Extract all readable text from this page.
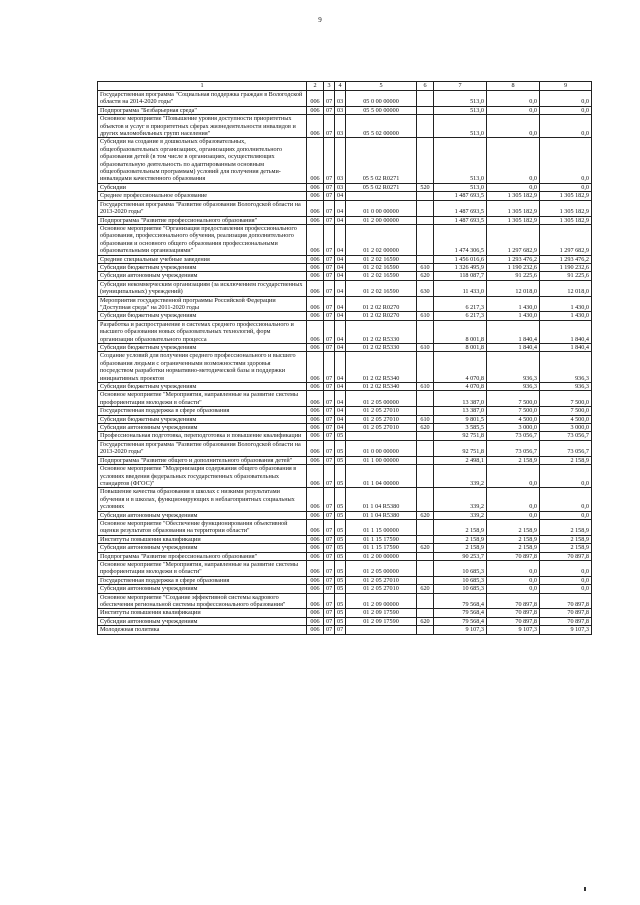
9
1	2	3	4	5	6	7	8	9
Государственная программа "Социальная поддержка граждан в Вологодской области на 2014-2020 годы"	006	07	03	05 0 00 00000		513,0	0,0	0,0
Подпрограмма "Безбарьерная среда"	006	07	03	05 5 00 00000		513,0	0,0	0,0
Основное мероприятие "Повышение уровня доступности приоритетных объектов и услуг в приоритетных сферах жизнедеятельности инвалидов и других маломобильных групп населения"	006	07	03	05 5 02 00000		513,0	0,0	0,0
Субсидии на создание в дошкольных образовательных, общеобразовательных организациях, организациях дополнительного образования детей (в том числе в организациях, осуществляющих образовательную деятельность по адаптированным основным общеобразовательным программам) условий для получения детьми-инвалидами качественного образования	006	07	03	05 5 02 R0271		513,0	0,0	0,0
Субсидии	006	07	03	05 5 02 R0271	520	513,0	0,0	0,0
Среднее профессиональное образование	006	07	04			1 487 693,5	1 305 182,9	1 305 182,9
Государственная программа "Развитие образования Вологодской области на 2013-2020 годы"	006	07	04	01 0 00 00000		1 487 693,5	1 305 182,9	1 305 182,9
Подпрограмма "Развитие профессионального образования"	006	07	04	01 2 00 00000		1 487 693,5	1 305 182,9	1 305 182,9
Основное мероприятие "Организация предоставления профессионального образования, профессионального обучения, реализация дополнительного образования и основного общего образования профессиональными образовательными организациями"	006	07	04	01 2 02 00000		1 474 306,5	1 297 682,9	1 297 682,9
Средние специальные учебные заведения	006	07	04	01 2 02 16590		1 456 016,6	1 293 476,2	1 293 476,2
Субсидии бюджетным учреждениям	006	07	04	01 2 02 16590	610	1 326 495,9	1 190 232,6	1 190 232,6
Субсидии автономным учреждениям	006	07	04	01 2 02 16590	620	118 087,7	91 225,6	91 225,6
Субсидии некоммерческим организациям (за исключением государственных (муниципальных) учреждений)	006	07	04	01 2 02 16590	630	11 433,0	12 018,0	12 018,0
Мероприятия государственной программы Российской Федерации "Доступная среда" на 2011-2020 годы	006	07	04	01 2 02 R0270		6 217,3	1 430,0	1 430,0
Субсидии бюджетным учреждениям	006	07	04	01 2 02 R0270	610	6 217,3	1 430,0	1 430,0
Разработка и распространение в системах среднего профессионального и высшего образования новых образовательных технологий, форм организации образовательного процесса	006	07	04	01 2 02 R5330		8 001,8	1 840,4	1 840,4
Субсидии бюджетным учреждениям	006	07	04	01 2 02 R5330	610	8 001,8	1 840,4	1 840,4
Создание условий для получения среднего профессионального и высшего образования людьми с ограниченными возможностями здоровья посредством разработки нормативно-методической базы и поддержки инициативных проектов	006	07	04	01 2 02 R5340		4 070,8	936,3	936,3
Субсидии бюджетным учреждениям	006	07	04	01 2 02 R5340	610	4 070,8	936,3	936,3
Основное мероприятие "Мероприятия, направленные на развитие системы профориентации молодежи в области"	006	07	04	01 2 05 00000		13 387,0	7 500,0	7 500,0
Государственная поддержка в сфере образования	006	07	04	01 2 05 27010		13 387,0	7 500,0	7 500,0
Субсидии бюджетным учреждениям	006	07	04	01 2 05 27010	610	9 801,5	4 500,0	4 500,0
Субсидии автономным учреждениям	006	07	04	01 2 05 27010	620	3 585,5	3 000,0	3 000,0
Профессиональная подготовка, переподготовка и повышение квалификации	006	07	05			92 751,8	73 056,7	73 056,7
Государственная программа "Развитие образования Вологодской области на 2013-2020 годы"	006	07	05	01 0 00 00000		92 751,8	73 056,7	73 056,7
Подпрограмма "Развитие общего и дополнительного образования детей"	006	07	05	01 1 00 00000		2 498,1	2 158,9	2 158,9
Основное мероприятие "Модернизация содержания общего образования в условиях введения федеральных государственных образовательных стандартов (ФГОС)"	006	07	05	01 1 04 00000		339,2	0,0	0,0
Повышение качества образования в школах с низкими результатами обучения и в школах, функционирующих в неблагоприятных социальных условиях	006	07	05	01 1 04 R5380		339,2	0,0	0,0
Субсидии автономным учреждениям	006	07	05	01 1 04 R5380	620	339,2	0,0	0,0
Основное мероприятие "Обеспечение функционирования объективной оценки результатов образования на территории области"	006	07	05	01 1 15 00000		2 158,9	2 158,9	2 158,9
Институты повышения квалификации	006	07	05	01 1 15 17590		2 158,9	2 158,9	2 158,9
Субсидии автономным учреждениям	006	07	05	01 1 15 17590	620	2 158,9	2 158,9	2 158,9
Подпрограмма "Развитие профессионального образования"	006	07	05	01 2 00 00000		90 253,7	70 897,8	70 897,8
Основное мероприятие "Мероприятия, направленные на развитие системы профориентации молодежи в области"	006	07	05	01 2 05 00000		10 685,3	0,0	0,0
Государственная поддержка в сфере образования	006	07	05	01 2 05 27010		10 685,3	0,0	0,0
Субсидии автономным учреждениям	006	07	05	01 2 05 27010	620	10 685,3	0,0	0,0
Основное мероприятие "Создание эффективной системы кадрового обеспечения региональной системы профессионального образования"	006	07	05	01 2 09 00000		79 568,4	70 897,8	70 897,8
Институты повышения квалификации	006	07	05	01 2 09 17590		79 568,4	70 897,8	70 897,8
Субсидии автономным учреждениям	006	07	05	01 2 09 17590	620	79 568,4	70 897,8	70 897,8
Молодежная политика	006	07	07			9 107,3	9 107,3	9 107,3
